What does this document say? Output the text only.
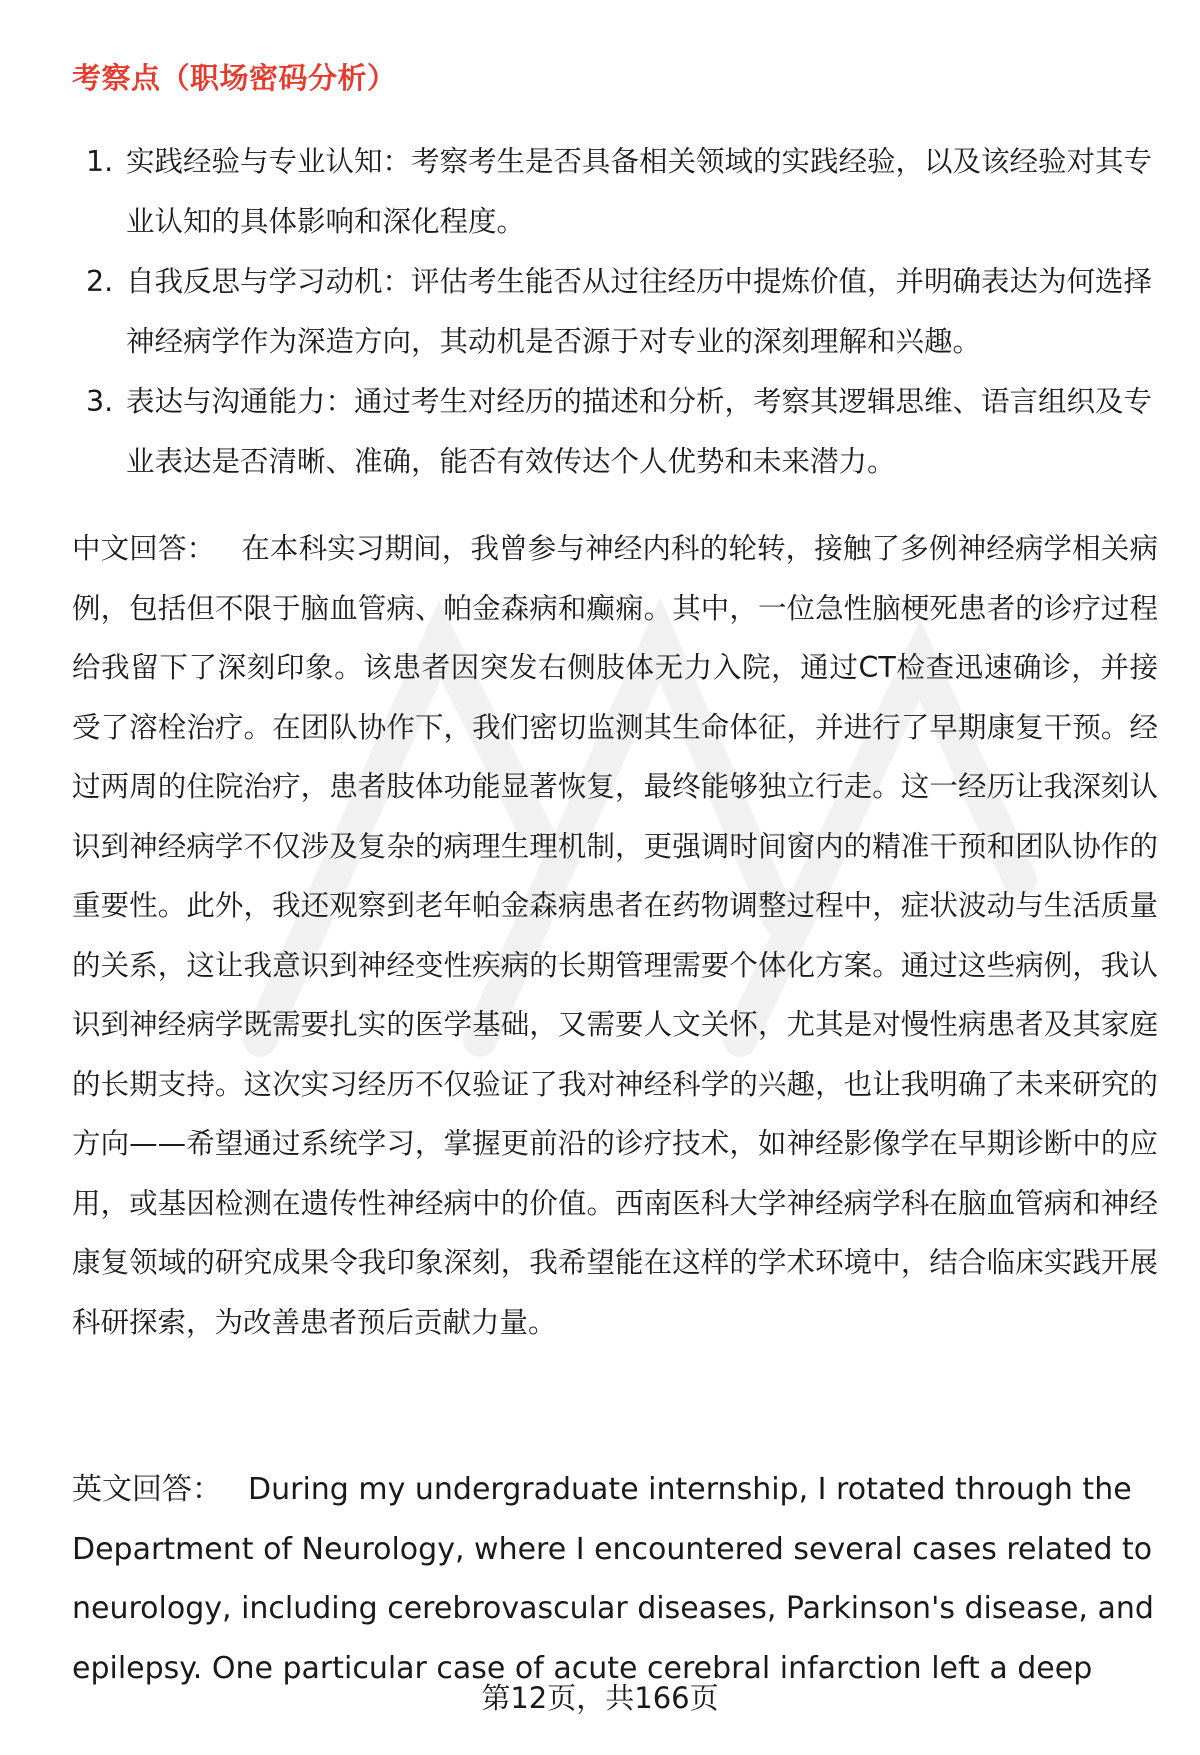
考察点（职场密码分析）
1. 实践经验与专业认知：考察考生是否具备相关领域的实践经验，以及该经验对其专业认知的具体影响和深化程度。
2. 自我反思与学习动机：评估考生能否从过往经历中提炼价值，并明确表达为何选择神经病学作为深造方向，其动机是否源于对专业的深刻理解和兴趣。
3. 表达与沟通能力：通过考生对经历的描述和分析，考察其逻辑思维、语言组织及专业表达是否清晰、准确，能否有效传达个人优势和未来潜力。

中文回答： 在本科实习期间，我曾参与神经内科的轮转，接触了多例神经病学相关病例，包括但不限于脑血管病、帕金森病和癫痫。其中，一位急性脑梗死患者的诊疗过程给我留下了深刻印象。该患者因突发右侧肢体无力入院，通过CT检查迅速确诊，并接受了溶栓治疗。在团队协作下，我们密切监测其生命体征，并进行了早期康复干预。经过两周的住院治疗，患者肢体功能显著恢复，最终能够独立行走。这一经历让我深刻认识到神经病学不仅涉及复杂的病理生理机制，更强调时间窗内的精准干预和团队协作的重要性。此外，我还观察到老年帕金森病患者在药物调整过程中，症状波动与生活质量的关系，这让我意识到神经变性疾病的长期管理需要个体化方案。通过这些病例，我认识到神经病学既需要扎实的医学基础，又需要人文关怀，尤其是对慢性病患者及其家庭的长期支持。这次实习经历不仅验证了我对神经科学的兴趣，也让我明确了未来研究的方向——希望通过系统学习，掌握更前沿的诊疗技术，如神经影像学在早期诊断中的应用，或基因检测在遗传性神经病中的价值。西南医科大学神经病学科在脑血管病和神经康复领域的研究成果令我印象深刻，我希望能在这样的学术环境中，结合临床实践开展科研探索，为改善患者预后贡献力量。

英文回答： During my undergraduate internship, I rotated through the Department of Neurology, where I encountered several cases related to neurology, including cerebrovascular diseases, Parkinson's disease, and epilepsy. One particular case of acute cerebral infarction left a deep

第12页，共166页
